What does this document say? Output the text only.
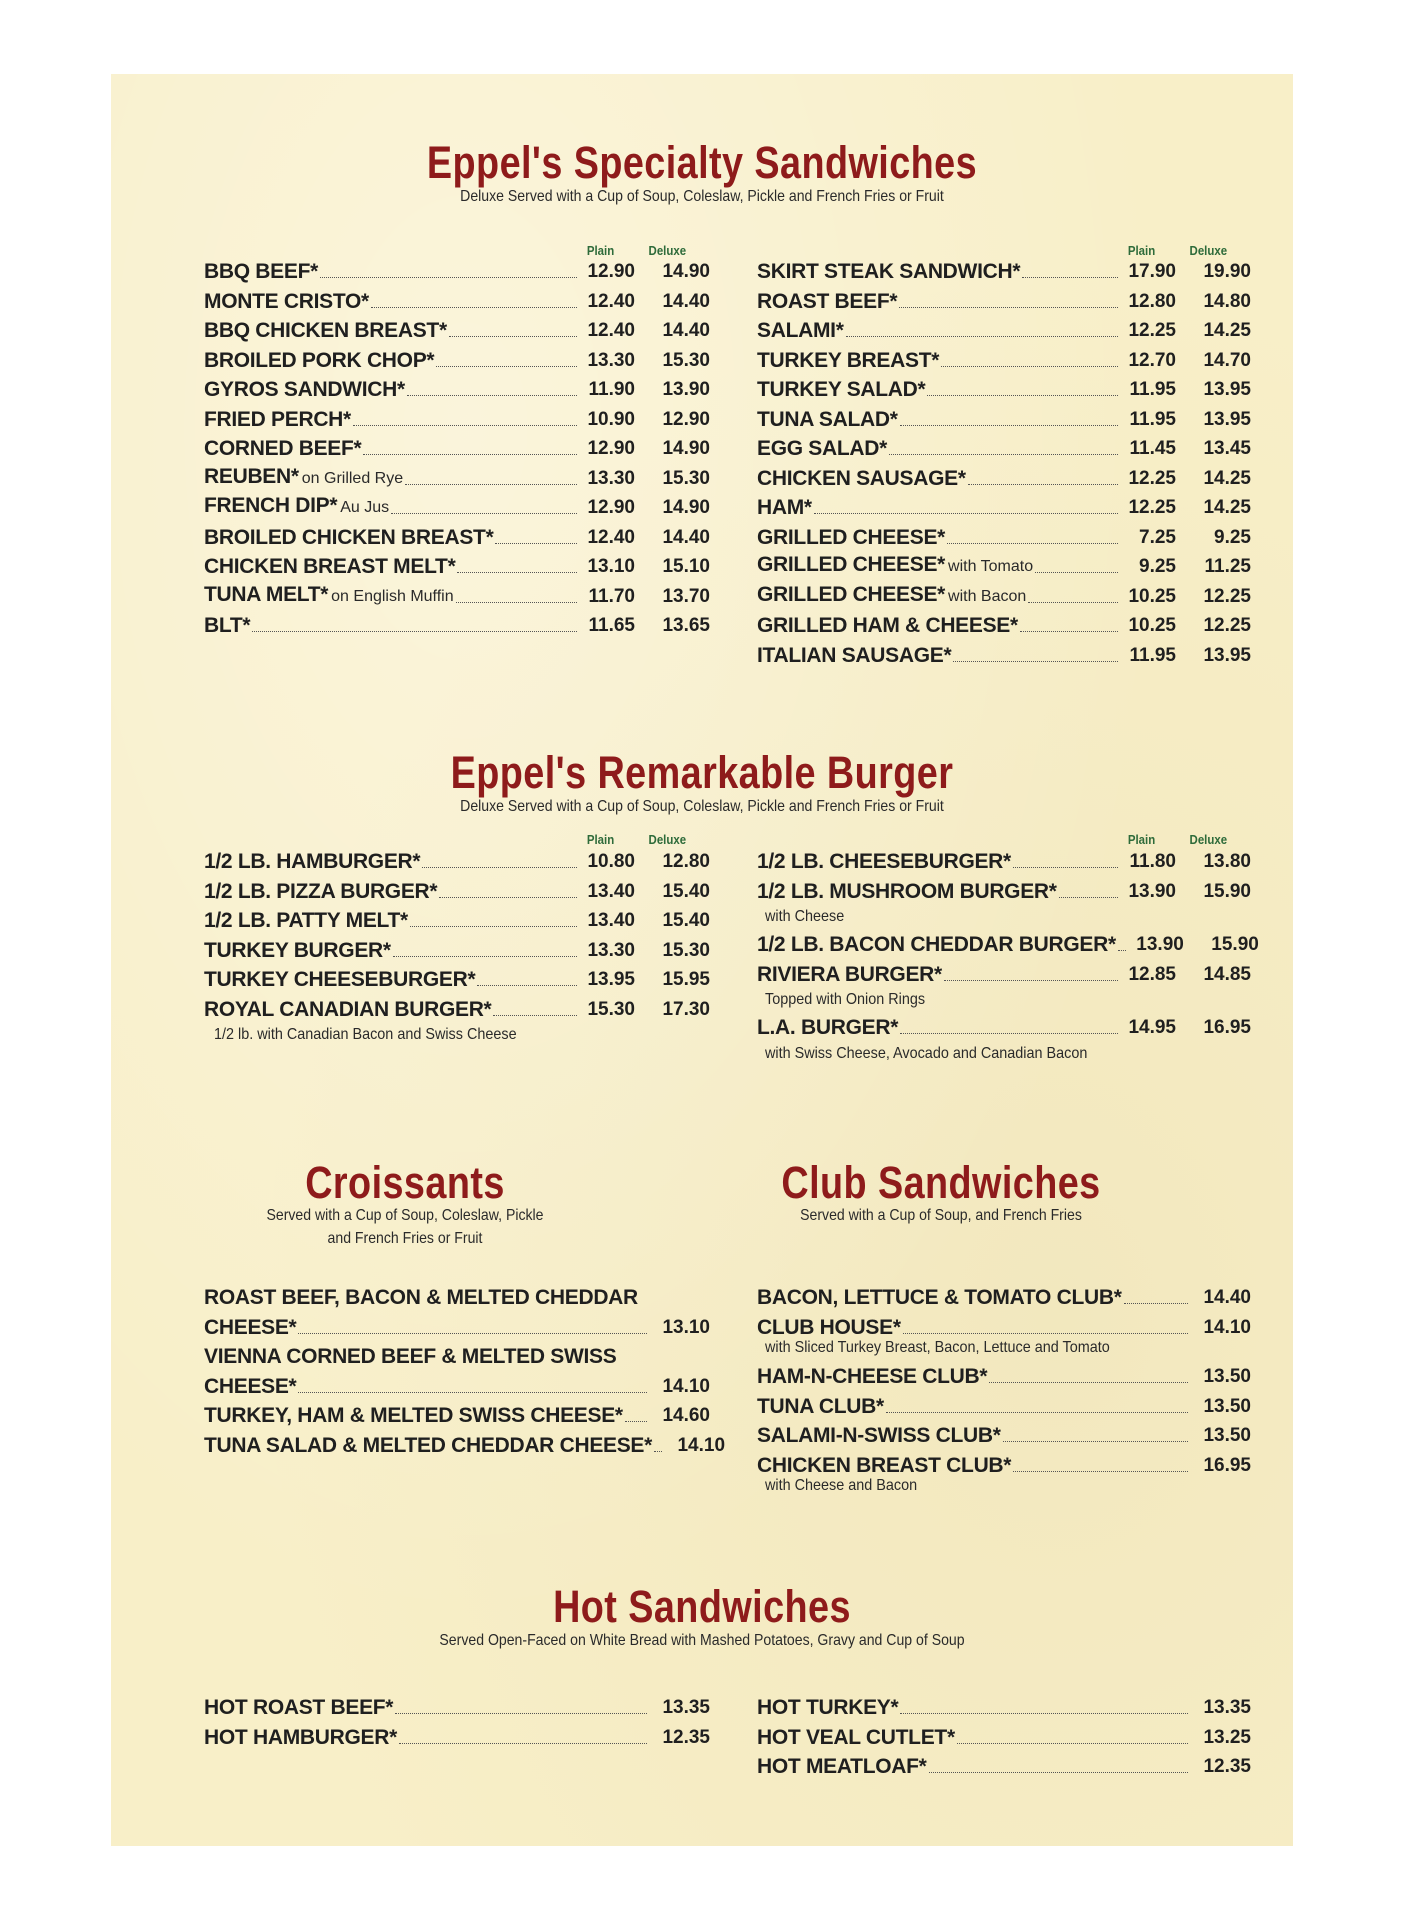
Eppel's Specialty Sandwiches
Deluxe Served with a Cup of Soup, Coleslaw, Pickle and French Fries or Fruit
Plain	Deluxe	Plain	Deluxe
Eppel's Remarkable Burger
Deluxe Served with a Cup of Soup, Coleslaw, Pickle and French Fries or Fruit
Plain	Deluxe	Plain	Deluxe
Croissants
Served with a Cup of Soup, Coleslaw, Pickle
and French Fries or Fruit
Club Sandwiches
Served with a Cup of Soup, and French Fries
Hot Sandwiches
Served Open-Faced on White Bread with Mashed Potatoes, Gravy and Cup of Soup
BBQ BEEF*	12.90	14.90
MONTE CRISTO*	12.40	14.40
BBQ CHICKEN BREAST*	12.40	14.40
BROILED PORK CHOP*	13.30	15.30
GYROS SANDWICH*	11.90	13.90
FRIED PERCH*	10.90	12.90
CORNED BEEF*	12.90	14.90
REUBEN* on Grilled Rye	13.30	15.30
FRENCH DIP* Au Jus	12.90	14.90
BROILED CHICKEN BREAST*	12.40	14.40
CHICKEN BREAST MELT*	13.10	15.10
TUNA MELT* on English Muffin	11.70	13.70
BLT*	11.65	13.65
SKIRT STEAK SANDWICH*	17.90	19.90
ROAST BEEF*	12.80	14.80
SALAMI*	12.25	14.25
TURKEY BREAST*	12.70	14.70
TURKEY SALAD*	11.95	13.95
TUNA SALAD*	11.95	13.95
EGG SALAD*	11.45	13.45
CHICKEN SAUSAGE*	12.25	14.25
HAM*	12.25	14.25
GRILLED CHEESE*	7.25	9.25
GRILLED CHEESE* with Tomato	9.25	11.25
GRILLED CHEESE* with Bacon	10.25	12.25
GRILLED HAM & CHEESE*	10.25	12.25
ITALIAN SAUSAGE*	11.95	13.95
1/2 LB. HAMBURGER*	10.80	12.80
1/2 LB. PIZZA BURGER*	13.40	15.40
1/2 LB. PATTY MELT*	13.40	15.40
TURKEY BURGER*	13.30	15.30
TURKEY CHEESEBURGER*	13.95	15.95
ROYAL CANADIAN BURGER*	15.30	17.30
1/2 lb. with Canadian Bacon and Swiss Cheese
1/2 LB. CHEESEBURGER*	11.80	13.80
1/2 LB. MUSHROOM BURGER*	13.90	15.90
with Cheese
1/2 LB. BACON CHEDDAR BURGER*	13.90	15.90
RIVIERA BURGER*	12.85	14.85
Topped with Onion Rings
L.A. BURGER*	14.95	16.95
with Swiss Cheese, Avocado and Canadian Bacon
ROAST BEEF, BACON & MELTED CHEDDAR
CHEESE*	13.10
VIENNA CORNED BEEF & MELTED SWISS
CHEESE*	14.10
TURKEY, HAM & MELTED SWISS CHEESE*	14.60
TUNA SALAD & MELTED CHEDDAR CHEESE*	14.10
BACON, LETTUCE & TOMATO CLUB*	14.40
CLUB HOUSE*	14.10
with Sliced Turkey Breast, Bacon, Lettuce and Tomato
HAM-N-CHEESE CLUB*	13.50
TUNA CLUB*	13.50
SALAMI-N-SWISS CLUB*	13.50
CHICKEN BREAST CLUB*	16.95
with Cheese and Bacon
HOT ROAST BEEF*	13.35
HOT HAMBURGER*	12.35
HOT TURKEY*	13.35
HOT VEAL CUTLET*	13.25
HOT MEATLOAF*	12.35
